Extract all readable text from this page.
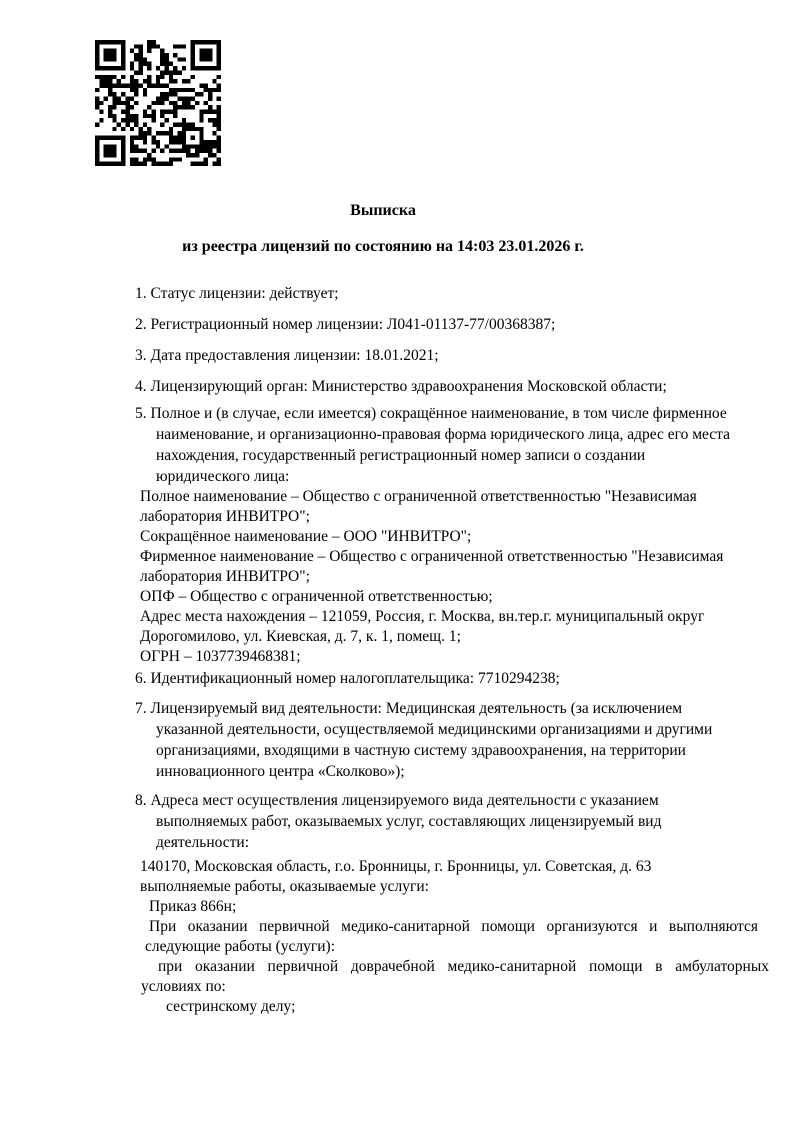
Выписка
из реестра лицензий по состоянию на 14:03 23.01.2026 г.
1. Статус лицензии: действует;
2. Регистрационный номер лицензии: Л041-01137-77/00368387;
3. Дата предоставления лицензии: 18.01.2021;
4. Лицензирующий орган: Министерство здравоохранения Московской области;
5. Полное и (в случае, если имеется) сокращённое наименование, в том числе фирменное
наименование, и организационно-правовая форма юридического лица, адрес его места
нахождения, государственный регистрационный номер записи о создании
юридического лица:
Полное наименование – Общество с ограниченной ответственностью "Независимая
лаборатория ИНВИТРО";
Сокращённое наименование – ООО "ИНВИТРО";
Фирменное наименование – Общество с ограниченной ответственностью "Независимая
лаборатория ИНВИТРО";
ОПФ – Общество с ограниченной ответственностью;
Адрес места нахождения – 121059, Россия, г. Москва, вн.тер.г. муниципальный округ
Дорогомилово, ул. Киевская, д. 7, к. 1, помещ. 1;
ОГРН – 1037739468381;
6. Идентификационный номер налогоплательщика: 7710294238;
7. Лицензируемый вид деятельности: Медицинская деятельность (за исключением
указанной деятельности, осуществляемой медицинскими организациями и другими
организациями, входящими в частную систему здравоохранения, на территории
инновационного центра «Сколково»);
8. Адреса мест осуществления лицензируемого вида деятельности с указанием
выполняемых работ, оказываемых услуг, составляющих лицензируемый вид
деятельности:
140170, Московская область, г.о. Бронницы, г. Бронницы, ул. Советская, д. 63
выполняемые работы, оказываемые услуги:
Приказ 866н;
При оказании первичной медико-санитарной помощи организуются и выполняются
следующие работы (услуги):
при оказании первичной доврачебной медико-санитарной помощи в амбулаторных
условиях по:
сестринскому делу;
